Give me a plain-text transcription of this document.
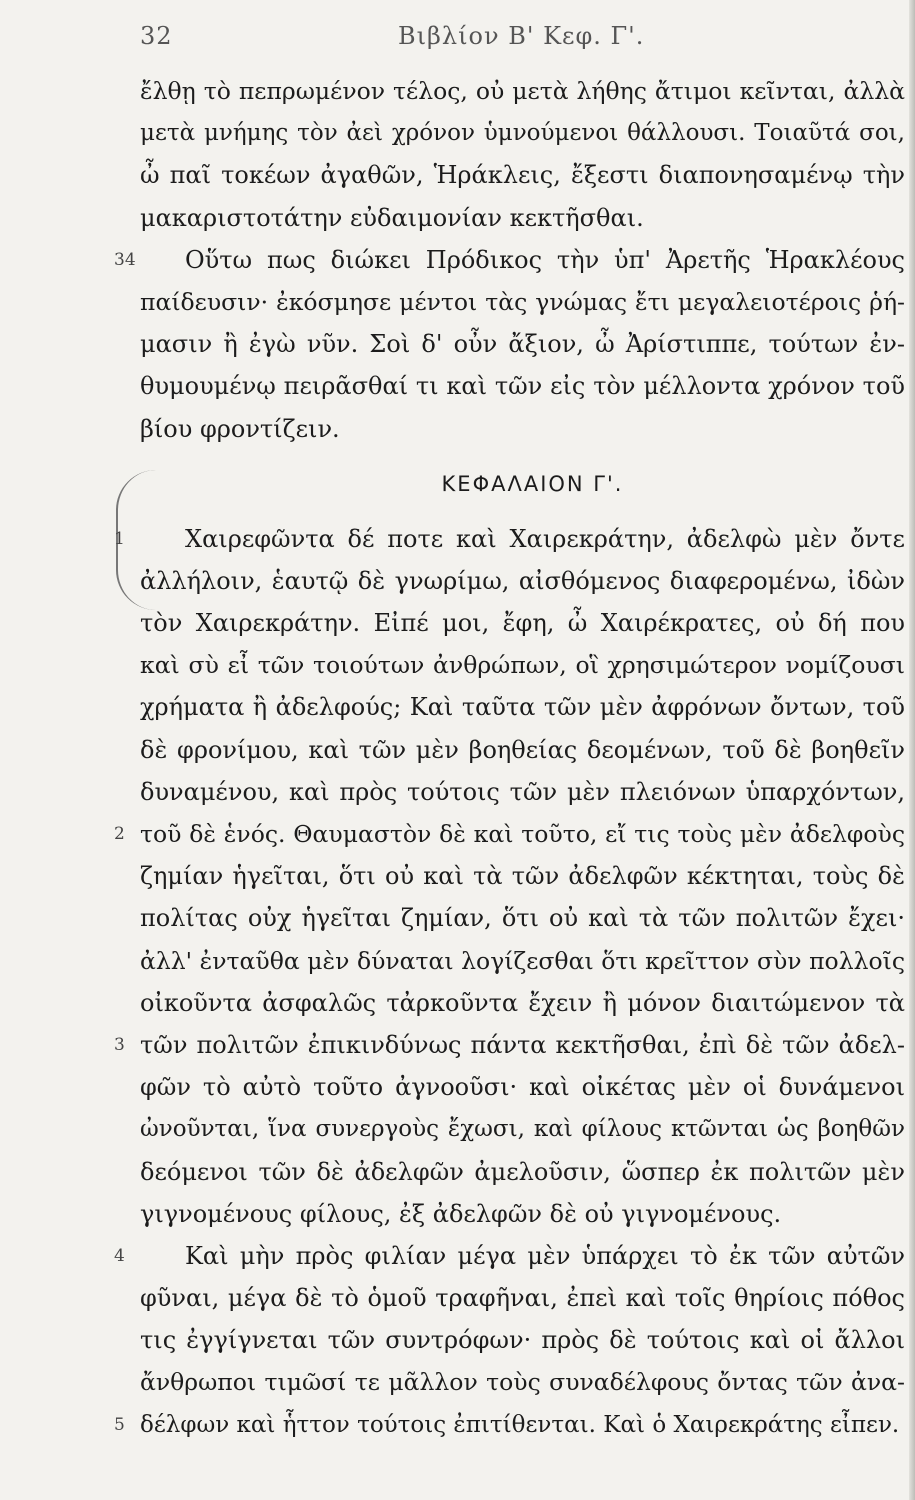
32	Βιβλίον Β' Κεφ. Γ'.
ἔλθῃ τὸ πεπρωμένον τέλος, οὐ μετὰ λήθης ἄτιμοι κεῖνται, ἀλλὰ
μετὰ μνήμης τὸν ἀεὶ χρόνον ὑμνούμενοι θάλλουσι. Τοιαῦτά σοι,
ὦ παῖ τοκέων ἀγαθῶν, Ἡράκλεις, ἔξεστι διαπονησαμένῳ τὴν
μακαριστοτάτην εὐδαιμονίαν κεκτῆσθαι.
34 Οὕτω πως διώκει Πρόδικος τὴν ὑπ' Ἀρετῆς Ἡρακλέους
παίδευσιν· ἐκόσμησε μέντοι τὰς γνώμας ἔτι μεγαλειοτέροις ῥή-
μασιν ἢ ἐγὼ νῦν. Σοὶ δ' οὖν ἄξιον, ὦ Ἀρίστιππε, τούτων ἐν-
θυμουμένῳ πειρᾶσθαί τι καὶ τῶν εἰς τὸν μέλλοντα χρόνον τοῦ
βίου φροντίζειν.
ΚΕΦΑΛΑΙΟΝ Γ'.
1	Χαιρεφῶντα δέ ποτε καὶ Χαιρεκράτην, ἀδελφὼ μὲν ὄντε
ἀλλήλοιν, ἑαυτῷ δὲ γνωρίμω, αἰσθόμενος διαφερομένω, ἰδὼν
τὸν Χαιρεκράτην. Εἰπέ μοι, ἔφη, ὦ Χαιρέκρατες, οὐ δή που
καὶ σὺ εἶ τῶν τοιούτων ἀνθρώπων, οἳ χρησιμώτερον νομίζουσι
χρήματα ἢ ἀδελφούς; Καὶ ταῦτα τῶν μὲν ἀφρόνων ὄντων, τοῦ
δὲ φρονίμου, καὶ τῶν μὲν βοηθείας δεομένων, τοῦ δὲ βοηθεῖν
δυναμένου, καὶ πρὸς τούτοις τῶν μὲν πλειόνων ὑπαρχόντων,
2 τοῦ δὲ ἑνός. Θαυμαστὸν δὲ καὶ τοῦτο, εἴ τις τοὺς μὲν ἀδελφοὺς
ζημίαν ἡγεῖται, ὅτι οὐ καὶ τὰ τῶν ἀδελφῶν κέκτηται, τοὺς δὲ
πολίτας οὐχ ἡγεῖται ζημίαν, ὅτι οὐ καὶ τὰ τῶν πολιτῶν ἔχει·
ἀλλ' ἐνταῦθα μὲν δύναται λογίζεσθαι ὅτι κρεῖττον σὺν πολλοῖς
οἰκοῦντα ἀσφαλῶς τἀρκοῦντα ἔχειν ἢ μόνον διαιτώμενον τὰ
3 τῶν πολιτῶν ἐπικινδύνως πάντα κεκτῆσθαι, ἐπὶ δὲ τῶν ἀδελ-
φῶν τὸ αὐτὸ τοῦτο ἀγνοοῦσι· καὶ οἰκέτας μὲν οἱ δυνάμενοι
ὠνοῦνται, ἵνα συνεργοὺς ἔχωσι, καὶ φίλους κτῶνται ὡς βοηθῶν
δεόμενοι τῶν δὲ ἀδελφῶν ἀμελοῦσιν, ὥσπερ ἐκ πολιτῶν μὲν
γιγνομένους φίλους, ἐξ ἀδελφῶν δὲ οὐ γιγνομένους.
4	Καὶ μὴν πρὸς φιλίαν μέγα μὲν ὑπάρχει τὸ ἐκ τῶν αὐτῶν
φῦναι, μέγα δὲ τὸ ὁμοῦ τραφῆναι, ἐπεὶ καὶ τοῖς θηρίοις πόθος
τις ἐγγίγνεται τῶν συντρόφων· πρὸς δὲ τούτοις καὶ οἱ ἄλλοι
ἄνθρωποι τιμῶσί τε μᾶλλον τοὺς συναδέλφους ὄντας τῶν ἀνα-
5 δέλφων καὶ ἧττον τούτοις ἐπιτίθενται. Καὶ ὁ Χαιρεκράτης εἶπεν.
